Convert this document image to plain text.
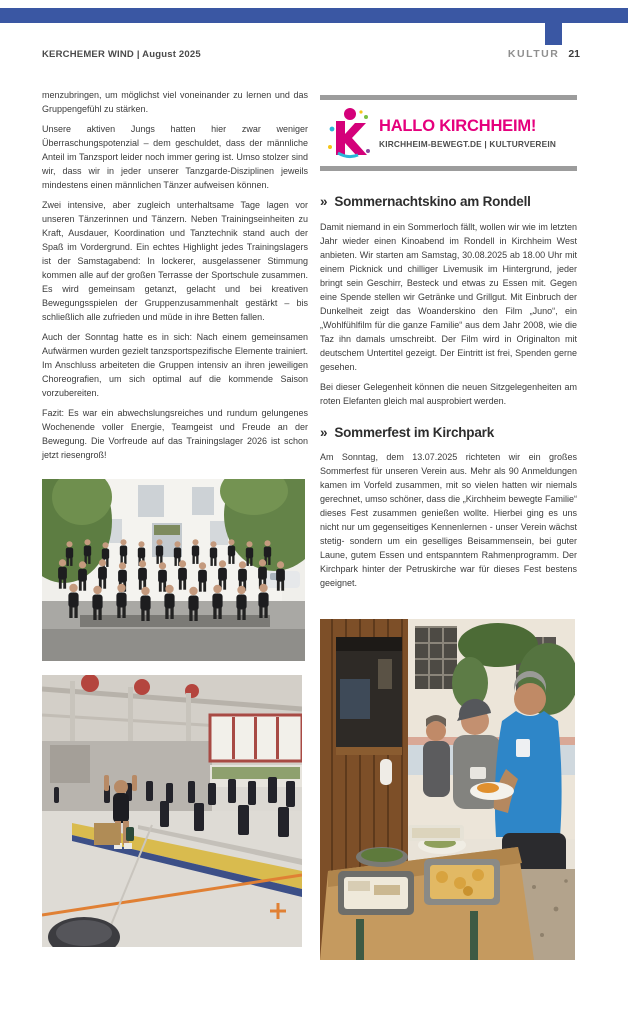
KERCHEMER WIND | August 2025	KULTUR 21

menzubringen, um möglichst viel voneinander zu lernen und das Gruppengefühl zu stärken.

Unsere aktiven Jungs hatten hier zwar weniger Überraschungspotenzial – dem geschuldet, dass der männliche Anteil im Tanzsport leider noch immer gering ist. Umso stolzer sind wir, dass wir in jeder unserer Tanzgarde-Disziplinen jeweils mindestens einen männlichen Tänzer aufweisen können.

Zwei intensive, aber zugleich unterhaltsame Tage lagen vor unseren Tänzerinnen und Tänzern. Neben Trainingseinheiten zu Kraft, Ausdauer, Koordination und Tanztechnik stand auch der Spaß im Vordergrund. Ein echtes Highlight jedes Trainingslagers ist der Samstagabend: In lockerer, ausgelassener Stimmung kommen alle auf der großen Terrasse der Sportschule zusammen. Es wird gemeinsam getanzt, gelacht und bei kreativen Bewegungsspielen der Gruppenzusammenhalt gestärkt – bis schließlich alle zufrieden und müde in ihre Betten fallen.

Auch der Sonntag hatte es in sich: Nach einem gemeinsamen Aufwärmen wurden gezielt tanzsportspezifische Elemente trainiert. Im Anschluss arbeiteten die Gruppen intensiv an ihren jeweiligen Choreografien, um sich optimal auf die kommende Saison vorzubereiten.

Fazit: Es war ein abwechslungsreiches und rundum gelungenes Wochenende voller Energie, Teamgeist und Freude an der Bewegung. Die Vorfreude auf das Trainingslager 2026 ist schon jetzt riesengroß!

HALLO KIRCHHEIM!
KIRCHHEIM-BEWEGT.DE | KULTURVEREIN
» Sommernachtskino am Rondell

Damit niemand in ein Sommerloch fällt, wollen wir wie im letzten Jahr wieder einen Kinoabend im Rondell in Kirchheim West anbieten. Wir starten am Samstag, 30.08.2025 ab 18.00 Uhr mit einem Picknick und chilliger Livemusik im Hintergrund, jeder bringt sein Geschirr, Besteck und etwas zu Essen mit. Gegen eine Spende stellen wir Getränke und Grillgut. Mit Einbruch der Dunkelheit zeigt das Woanderskino den Film „Juno“, ein „Wohlfühlfilm für die ganze Familie“ aus dem Jahr 2008, wie die Taz ihn damals umschreibt. Der Film wird in Originalton mit deutschem Untertitel gezeigt. Der Eintritt ist frei, Spenden gerne gesehen.

Bei dieser Gelegenheit können die neuen Sitzgelegenheiten am roten Elefanten gleich mal ausprobiert werden.

» Sommerfest im Kirchpark

Am Sonntag, dem 13.07.2025 richteten wir ein großes Sommerfest für unseren Verein aus. Mehr als 90 Anmeldungen kamen im Vorfeld zusammen, mit so vielen hatten wir niemals gerechnet, umso schöner, dass die „Kirchheim bewegte Familie“ dieses Fest zusammen genießen wollte. Hierbei ging es uns nicht nur um gegenseitiges Kennenlernen - unser Verein wächst stetig- sondern um ein geselliges Beisammensein, bei guter Laune, gutem Essen und entspanntem Rahmenprogramm. Der Kirchpark hinter der Petruskirche war für dieses Fest bestens geeignet.
